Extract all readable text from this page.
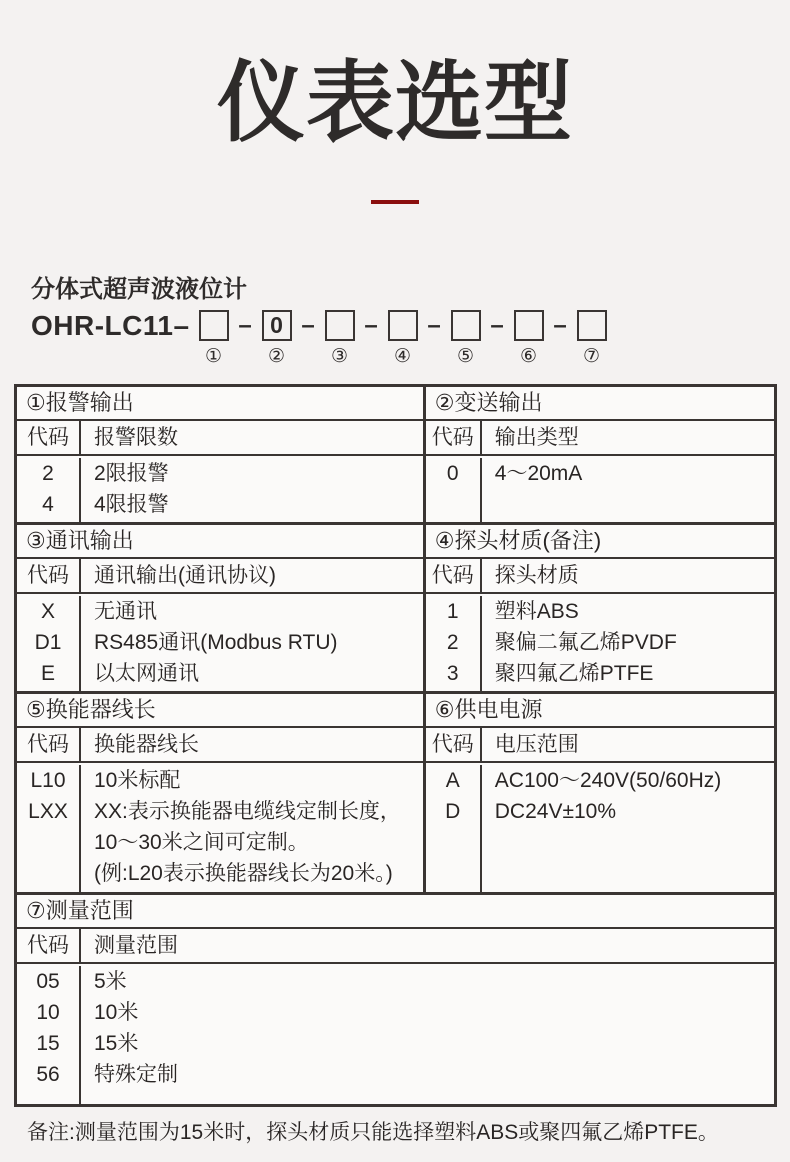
仪表选型
分体式超声波液位计
OHR-LC11–	–
①
0 –
②
–
③
–
④
–
⑤
–
⑥	⑦
①报警输出
代码	报警限数
2	2限报警
4	4限报警
②变送输出
代码	输出类型
0	4～20mA
③通讯输出
代码	通讯输出(通讯协议)
X	无通讯
D1	RS485通讯(Modbus RTU)
E	以太网通讯
④探头材质(备注)
代码	探头材质
1	塑料ABS
2	聚偏二氟乙烯PVDF
3	聚四氟乙烯PTFE
⑤换能器线长
代码	换能器线长
L10	10米标配
LXX	XX:表示换能器电缆线定制长度，
10～30米之间可定制。
(例:L20表示换能器线长为20米。)
⑥供电电源
代码	电压范围
A	AC100～240V(50/60Hz)
D	DC24V±10%
⑦测量范围
代码	测量范围
05	5米
10	10米
15	15米
56	特殊定制
备注:测量范围为15米时，探头材质只能选择塑料ABS或聚四氟乙烯PTFE。
